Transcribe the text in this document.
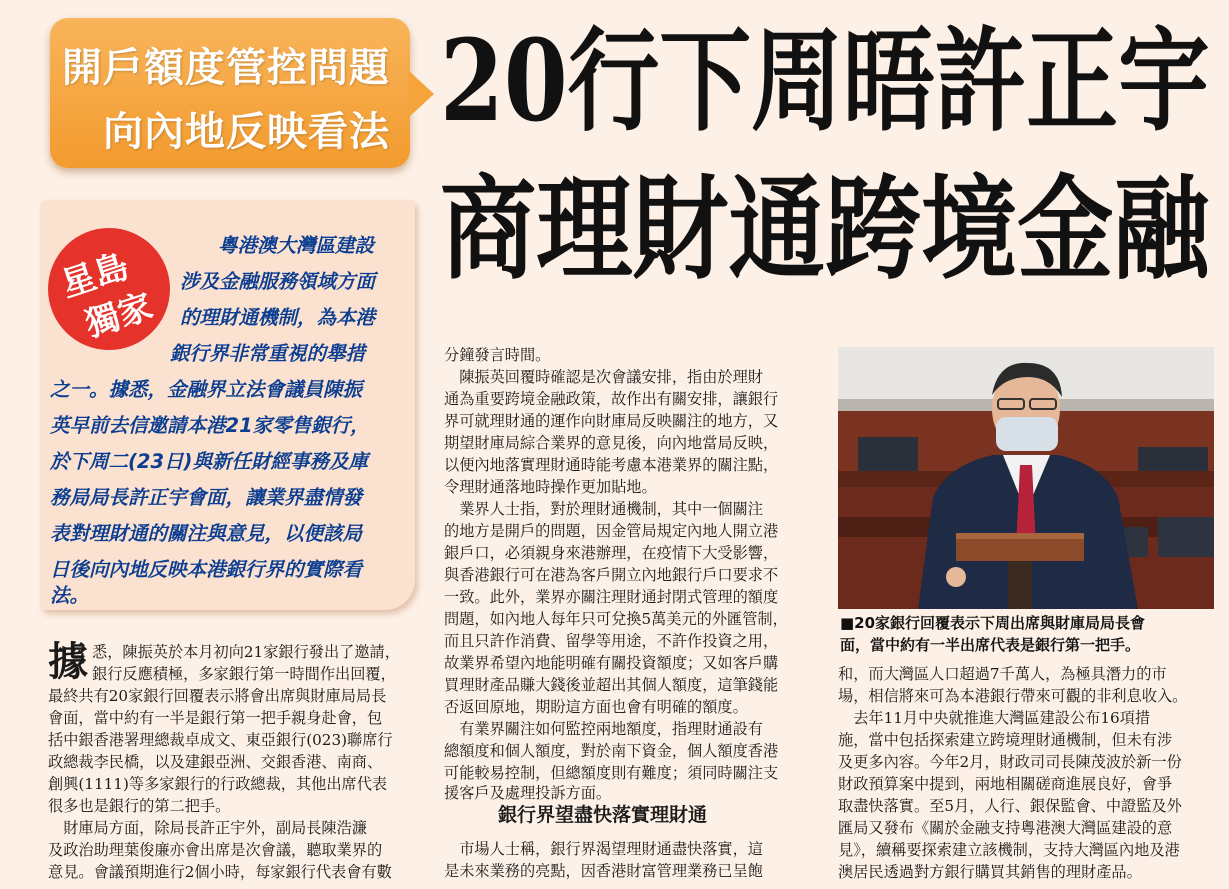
開戶額度管控問題
向內地反映看法 20行下周晤許正宇
商理財通跨境金融
星島
獨家
粵港澳大灣區建設
涉及金融服務領域方面
的理財通機制，為本港
銀行界非常重視的舉措
之一。據悉，金融界立法會議員陳振
英早前去信邀請本港21家零售銀行，
於下周二(23日)與新任財經事務及庫
務局局長許正宇會面，讓業界盡情發
表對理財通的關注與意見，以便該局
日後向內地反映本港銀行界的實際看
法。
據 悉，陳振英於本月初向21家銀行發出了邀請，
銀行反應積極，多家銀行第一時間作出回覆，
最終共有20家銀行回覆表示將會出席與財庫局局長
會面，當中約有一半是銀行第一把手親身赴會，包
括中銀香港署理總裁卓成文、東亞銀行(023)聯席行
政總裁李民橋，以及建銀亞洲、交銀香港、南商、
創興(1111)等多家銀行的行政總裁，其他出席代表
很多也是銀行的第二把手。
　財庫局方面，除局長許正宇外，副局長陳浩濂
及政治助理葉俊廉亦會出席是次會議，聽取業界的
意見。會議預期進行2個小時，每家銀行代表會有數
分鐘發言時間。
　陳振英回覆時確認是次會議安排，指由於理財
通為重要跨境金融政策，故作出有關安排，讓銀行
界可就理財通的運作向財庫局反映關注的地方，又
期望財庫局綜合業界的意見後，向內地當局反映，
以便內地落實理財通時能考慮本港業界的關注點，
令理財通落地時操作更加貼地。
　業界人士指，對於理財通機制，其中一個關注
的地方是開戶的問題，因金管局規定內地人開立港
銀戶口，必須親身來港辦理，在疫情下大受影響，
與香港銀行可在港為客戶開立內地銀行戶口要求不
一致。此外，業界亦關注理財通封閉式管理的額度
問題，如內地人每年只可兌換5萬美元的外匯管制，
而且只許作消費、留學等用途，不許作投資之用，
故業界希望內地能明確有關投資額度；又如客戶購
買理財產品賺大錢後並超出其個人額度，這筆錢能
否返回原地，期盼這方面也會有明確的額度。
　有業界關注如何監控兩地額度，指理財通設有
總額度和個人額度，對於南下資金，個人額度香港
可能較易控制，但總額度則有難度；須同時關注支
援客戶及處理投訴方面。
銀行界望盡快落實理財通
　市場人士稱，銀行界渴望理財通盡快落實，這
是未來業務的亮點，因香港財富管理業務已呈飽
■20家銀行回覆表示下周出席與財庫局局長會
面，當中約有一半出席代表是銀行第一把手。
和，而大灣區人口超過7千萬人，為極具潛力的市
場，相信將來可為本港銀行帶來可觀的非利息收入。
　去年11月中央就推進大灣區建設公布16項措
施，當中包括探索建立跨境理財通機制，但未有涉
及更多內容。今年2月，財政司司長陳茂波於新一份
財政預算案中提到，兩地相關磋商進展良好，會爭
取盡快落實。至5月，人行、銀保監會、中證監及外
匯局又發布《關於金融支持粵港澳大灣區建設的意
見》，續稱要探索建立該機制，支持大灣區內地及港
澳居民透過對方銀行購買其銷售的理財產品。
